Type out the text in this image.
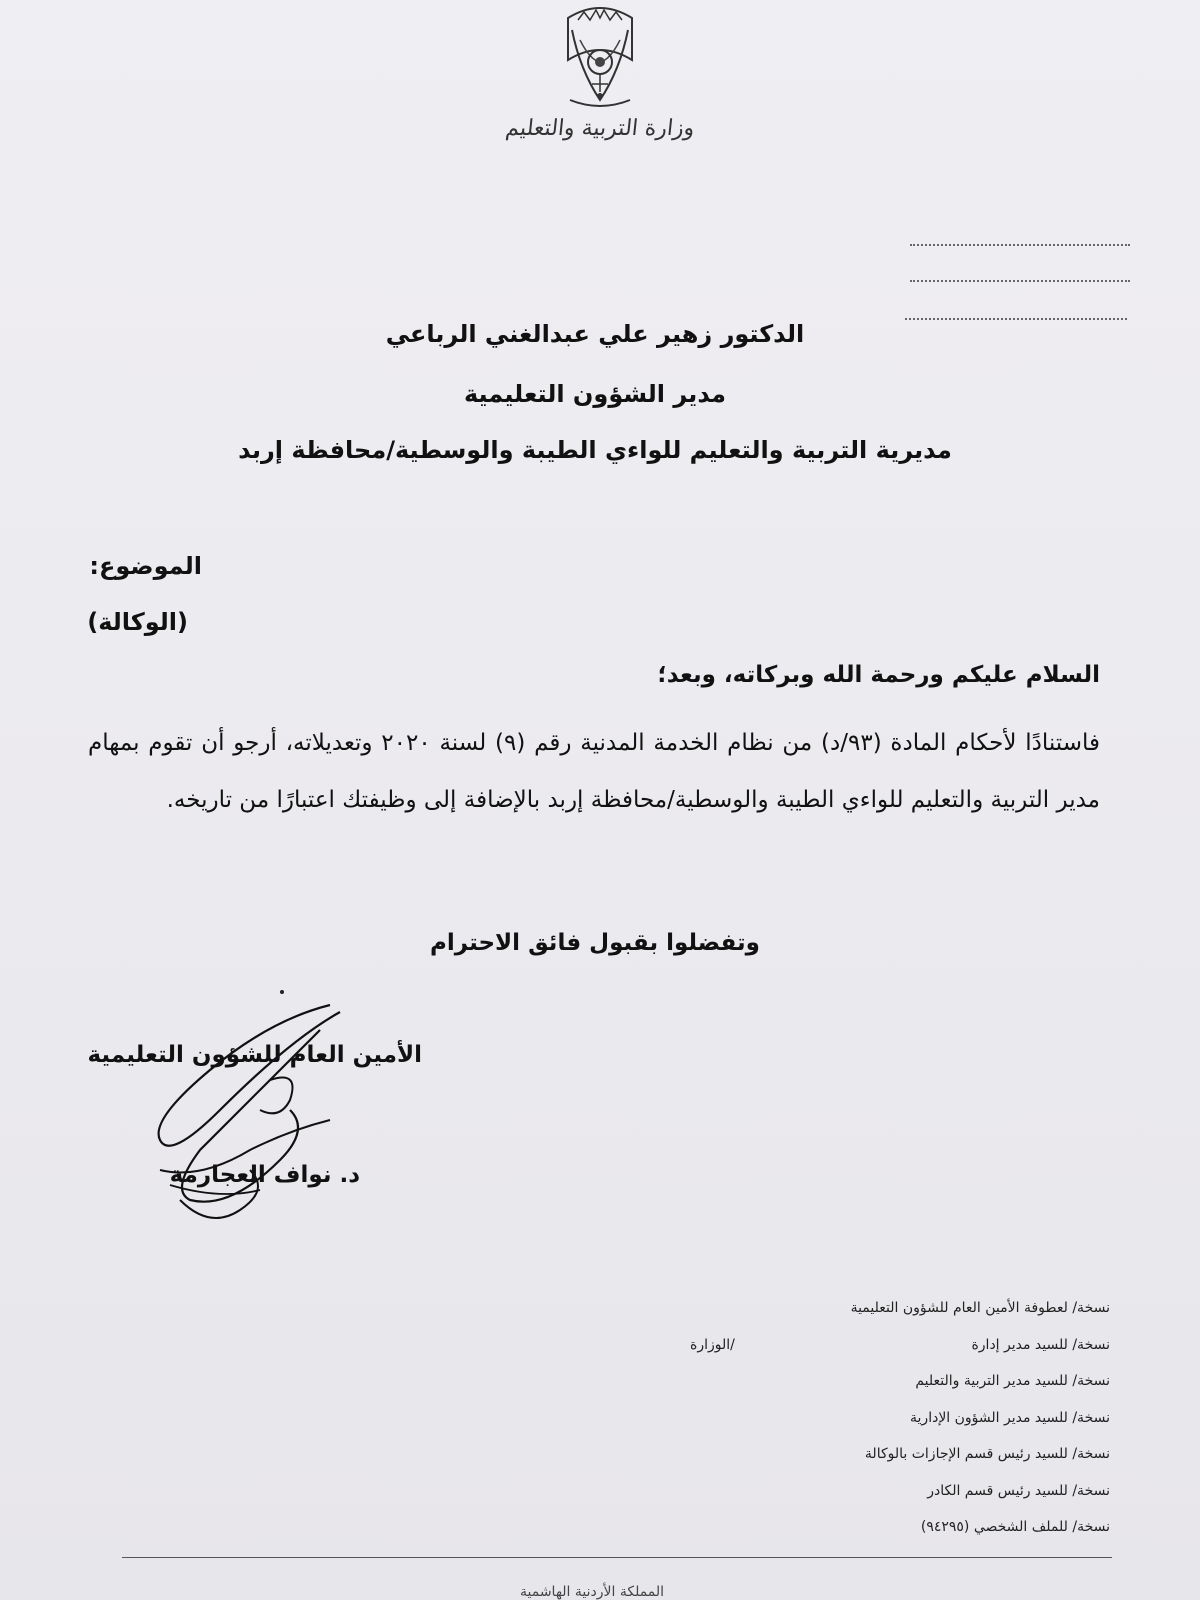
وزارة التربية والتعليم
الدكتور زهير علي عبدالغني الرباعي
مدير الشؤون التعليمية
مديرية التربية والتعليم للواءي الطيبة والوسطية/محافظة إربد
الموضوع:
(الوكالة)
السلام عليكم ورحمة الله وبركاته، وبعد؛
فاستنادًا لأحكام المادة (٩٣/د) من نظام الخدمة المدنية رقم (٩) لسنة ٢٠٢٠ وتعديلاته، أرجو أن تقوم بمهام مدير التربية والتعليم للواءي الطيبة والوسطية/محافظة إربد بالإضافة إلى وظيفتك اعتبارًا من تاريخه.
وتفضلوا بقبول فائق الاحترام
الأمين العام للشؤون التعليمية
د. نواف العجارمة
نسخة/ لعطوفة الأمين العام للشؤون التعليمية
نسخة/ للسيد مدير إدارة
/الوزارة
نسخة/ للسيد مدير التربية والتعليم
نسخة/ للسيد مدير الشؤون الإدارية
نسخة/ للسيد رئيس قسم الإجازات بالوكالة
نسخة/ للسيد رئيس قسم الكادر
نسخة/ للملف الشخصي (٩٤٢٩٥)
المملكة الأردنية الهاشمية
